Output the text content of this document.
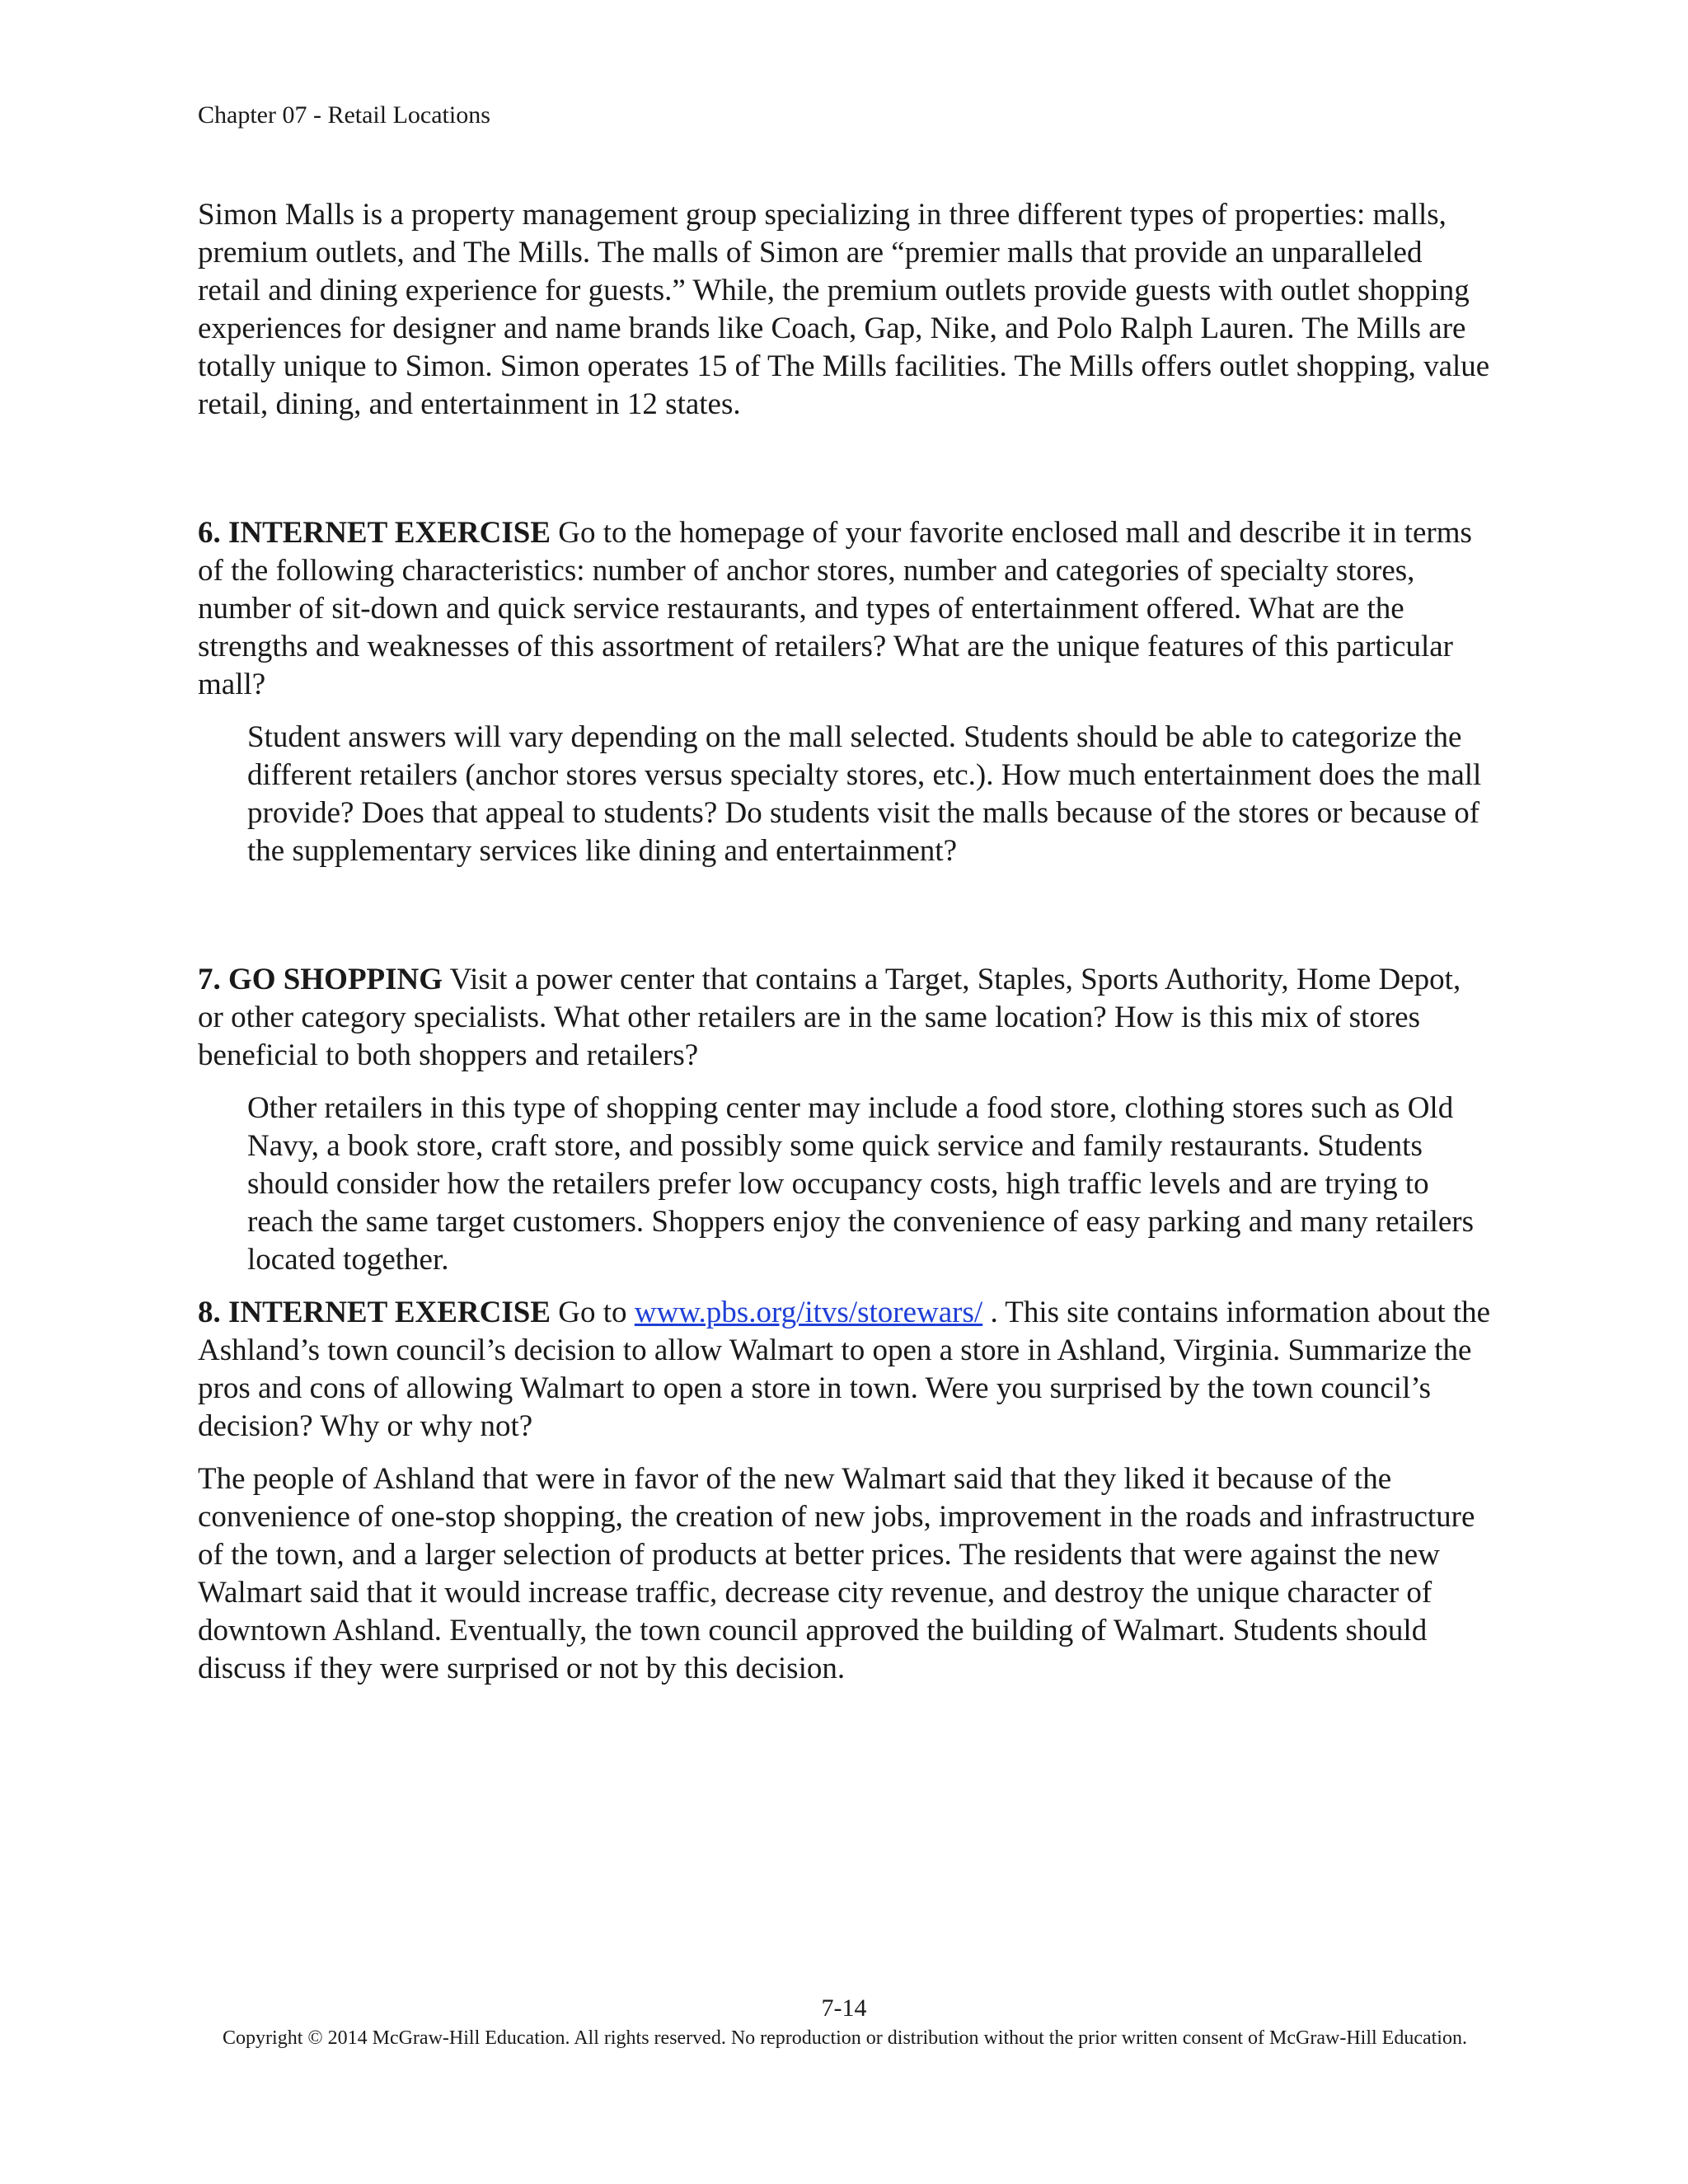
Chapter 07 - Retail Locations

Simon Malls is a property management group specializing in three different types of properties: malls, premium outlets, and The Mills. The malls of Simon are “premier malls that provide an unparalleled retail and dining experience for guests.” While, the premium outlets provide guests with outlet shopping experiences for designer and name brands like Coach, Gap, Nike, and Polo Ralph Lauren. The Mills are totally unique to Simon. Simon operates 15 of The Mills facilities. The Mills offers outlet shopping, value retail, dining, and entertainment in 12 states.

6. INTERNET EXERCISE Go to the homepage of your favorite enclosed mall and describe it in terms of the following characteristics: number of anchor stores, number and categories of specialty stores, number of sit-down and quick service restaurants, and types of entertainment offered. What are the strengths and weaknesses of this assortment of retailers? What are the unique features of this particular mall?

Student answers will vary depending on the mall selected. Students should be able to categorize the different retailers (anchor stores versus specialty stores, etc.). How much entertainment does the mall provide? Does that appeal to students? Do students visit the malls because of the stores or because of the supplementary services like dining and entertainment?

7. GO SHOPPING Visit a power center that contains a Target, Staples, Sports Authority, Home Depot, or other category specialists. What other retailers are in the same location? How is this mix of stores beneficial to both shoppers and retailers?

Other retailers in this type of shopping center may include a food store, clothing stores such as Old Navy, a book store, craft store, and possibly some quick service and family restaurants. Students should consider how the retailers prefer low occupancy costs, high traffic levels and are trying to reach the same target customers. Shoppers enjoy the convenience of easy parking and many retailers located together.

8. INTERNET EXERCISE Go to www.pbs.org/itvs/storewars/ . This site contains information about the Ashland’s town council’s decision to allow Walmart to open a store in Ashland, Virginia. Summarize the pros and cons of allowing Walmart to open a store in town. Were you surprised by the town council’s decision? Why or why not?

The people of Ashland that were in favor of the new Walmart said that they liked it because of the convenience of one-stop shopping, the creation of new jobs, improvement in the roads and infrastructure of the town, and a larger selection of products at better prices. The residents that were against the new Walmart said that it would increase traffic, decrease city revenue, and destroy the unique character of downtown Ashland. Eventually, the town council approved the building of Walmart. Students should discuss if they were surprised or not by this decision.

7-14

Copyright © 2014 McGraw-Hill Education. All rights reserved. No reproduction or distribution without the prior written consent of McGraw-Hill Education.
